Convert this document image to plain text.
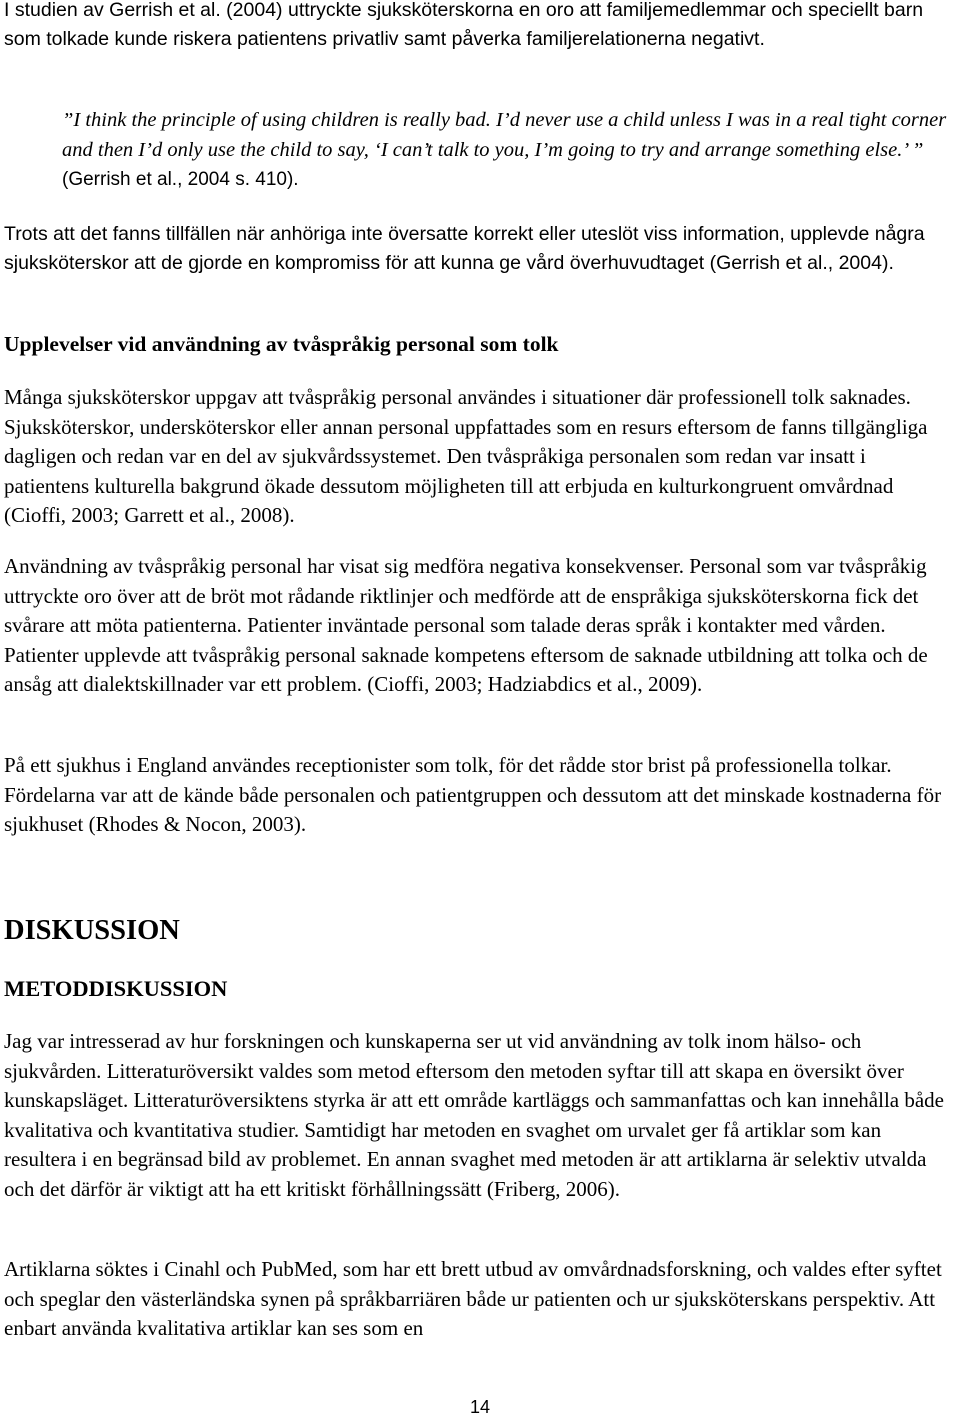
I studien av Gerrish et al. (2004) uttryckte sjuksköterskorna en oro att familjemedlemmar och speciellt barn som tolkade kunde riskera patientens privatliv samt påverka familjerelationerna negativt.

”I think the principle of using children is really bad. I’d never use a child unless I was in a real tight corner and then I’d only use the child to say, ‘I can’t talk to you, I’m going to try and arrange something else.’ ” (Gerrish et al., 2004 s. 410).

Trots att det fanns tillfällen när anhöriga inte översatte korrekt eller uteslöt viss information, upplevde några sjuksköterskor att de gjorde en kompromiss för att kunna ge vård överhuvudtaget (Gerrish et al., 2004).

Upplevelser vid användning av tvåspråkig personal som tolk

Många sjuksköterskor uppgav att tvåspråkig personal användes i situationer där professionell tolk saknades. Sjuksköterskor, undersköterskor eller annan personal uppfattades som en resurs eftersom de fanns tillgängliga dagligen och redan var en del av sjukvårdssystemet. Den tvåspråkiga personalen som redan var insatt i patientens kulturella bakgrund ökade dessutom möjligheten till att erbjuda en kulturkongruent omvårdnad (Cioffi, 2003; Garrett et al., 2008).

Användning av tvåspråkig personal har visat sig medföra negativa konsekvenser. Personal som var tvåspråkig uttryckte oro över att de bröt mot rådande riktlinjer och medförde att de enspråkiga sjuksköterskorna fick det svårare att möta patienterna. Patienter inväntade personal som talade deras språk i kontakter med vården. Patienter upplevde att tvåspråkig personal saknade kompetens eftersom de saknade utbildning att tolka och de ansåg att dialektskillnader var ett problem. (Cioffi, 2003; Hadziabdics et al., 2009).

På ett sjukhus i England användes receptionister som tolk, för det rådde stor brist på professionella tolkar. Fördelarna var att de kände både personalen och patientgruppen och dessutom att det minskade kostnaderna för sjukhuset (Rhodes & Nocon, 2003).

DISKUSSION
METODDISKUSSION

Jag var intresserad av hur forskningen och kunskaperna ser ut vid användning av tolk inom hälso- och sjukvården. Litteraturöversikt valdes som metod eftersom den metoden syftar till att skapa en översikt över kunskapsläget. Litteraturöversiktens styrka är att ett område kartläggs och sammanfattas och kan innehålla både kvalitativa och kvantitativa studier. Samtidigt har metoden en svaghet om urvalet ger få artiklar som kan resultera i en begränsad bild av problemet. En annan svaghet med metoden är att artiklarna är selektiv utvalda och det därför är viktigt att ha ett kritiskt förhållningssätt (Friberg, 2006).

Artiklarna söktes i Cinahl och PubMed, som har ett brett utbud av omvårdnadsforskning, och valdes efter syftet och speglar den västerländska synen på språkbarriären både ur patienten och ur sjuksköterskans perspektiv. Att enbart använda kvalitativa artiklar kan ses som en

14
